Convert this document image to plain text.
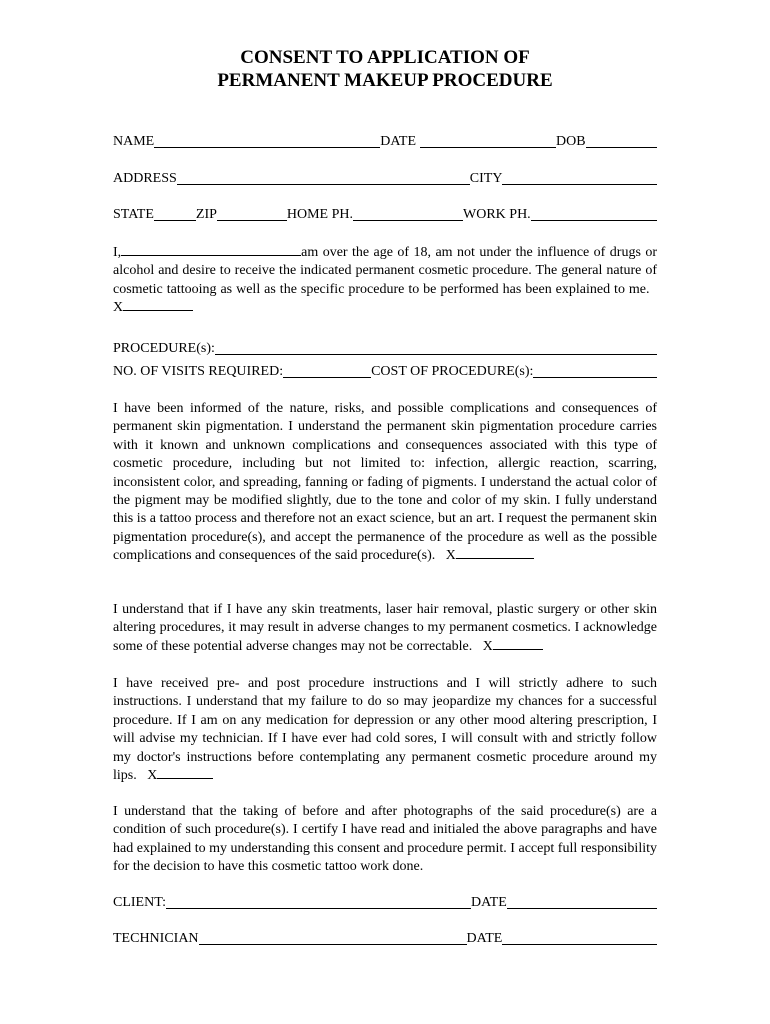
CONSENT TO APPLICATION OF
PERMANENT MAKEUP PROCEDURE
NAME	DATE	DOB
ADDRESS	CITY
STATE	ZIP	HOME PH.	WORK PH.

I,	am over the age of 18, am not under the influence of drugs or alcohol and desire to receive the indicated permanent cosmetic procedure. The general nature of cosmetic tattooing as well as the specific procedure to be performed has been explained to me.   X

PROCEDURE(s):
NO. OF VISITS REQUIRED:	COST OF PROCEDURE(s):

I have been informed of the nature, risks, and possible complications and consequences of permanent skin pigmentation. I understand the permanent skin pigmentation procedure carries with it known and unknown complications and consequences associated with this type of cosmetic procedure, including but not limited to: infection, allergic reaction, scarring, inconsistent color, and spreading, fanning or fading of pigments. I understand the actual color of the pigment may be modified slightly, due to the tone and color of my skin. I fully understand this is a tattoo process and therefore not an exact science, but an art. I request the permanent skin pigmentation procedure(s), and accept the permanence of the procedure as well as the possible complications and consequences of the said procedure(s). X

I understand that if I have any skin treatments, laser hair removal, plastic surgery or other skin altering procedures, it may result in adverse changes to my permanent cosmetics. I acknowledge some of these potential adverse changes may not be correctable. X

I have received pre- and post procedure instructions and I will strictly adhere to such instructions. I understand that my failure to do so may jeopardize my chances for a successful procedure. If I am on any medication for depression or any other mood altering prescription, I will advise my technician. If I have ever had cold sores, I will consult with and strictly follow my doctor's instructions before contemplating any permanent cosmetic procedure around my lips. X

I understand that the taking of before and after photographs of the said procedure(s) are a condition of such procedure(s). I certify I have read and initialed the above paragraphs and have had explained to my understanding this consent and procedure permit. I accept full responsibility for the decision to have this cosmetic tattoo work done.

CLIENT:	DATE
TECHNICIAN	DATE
